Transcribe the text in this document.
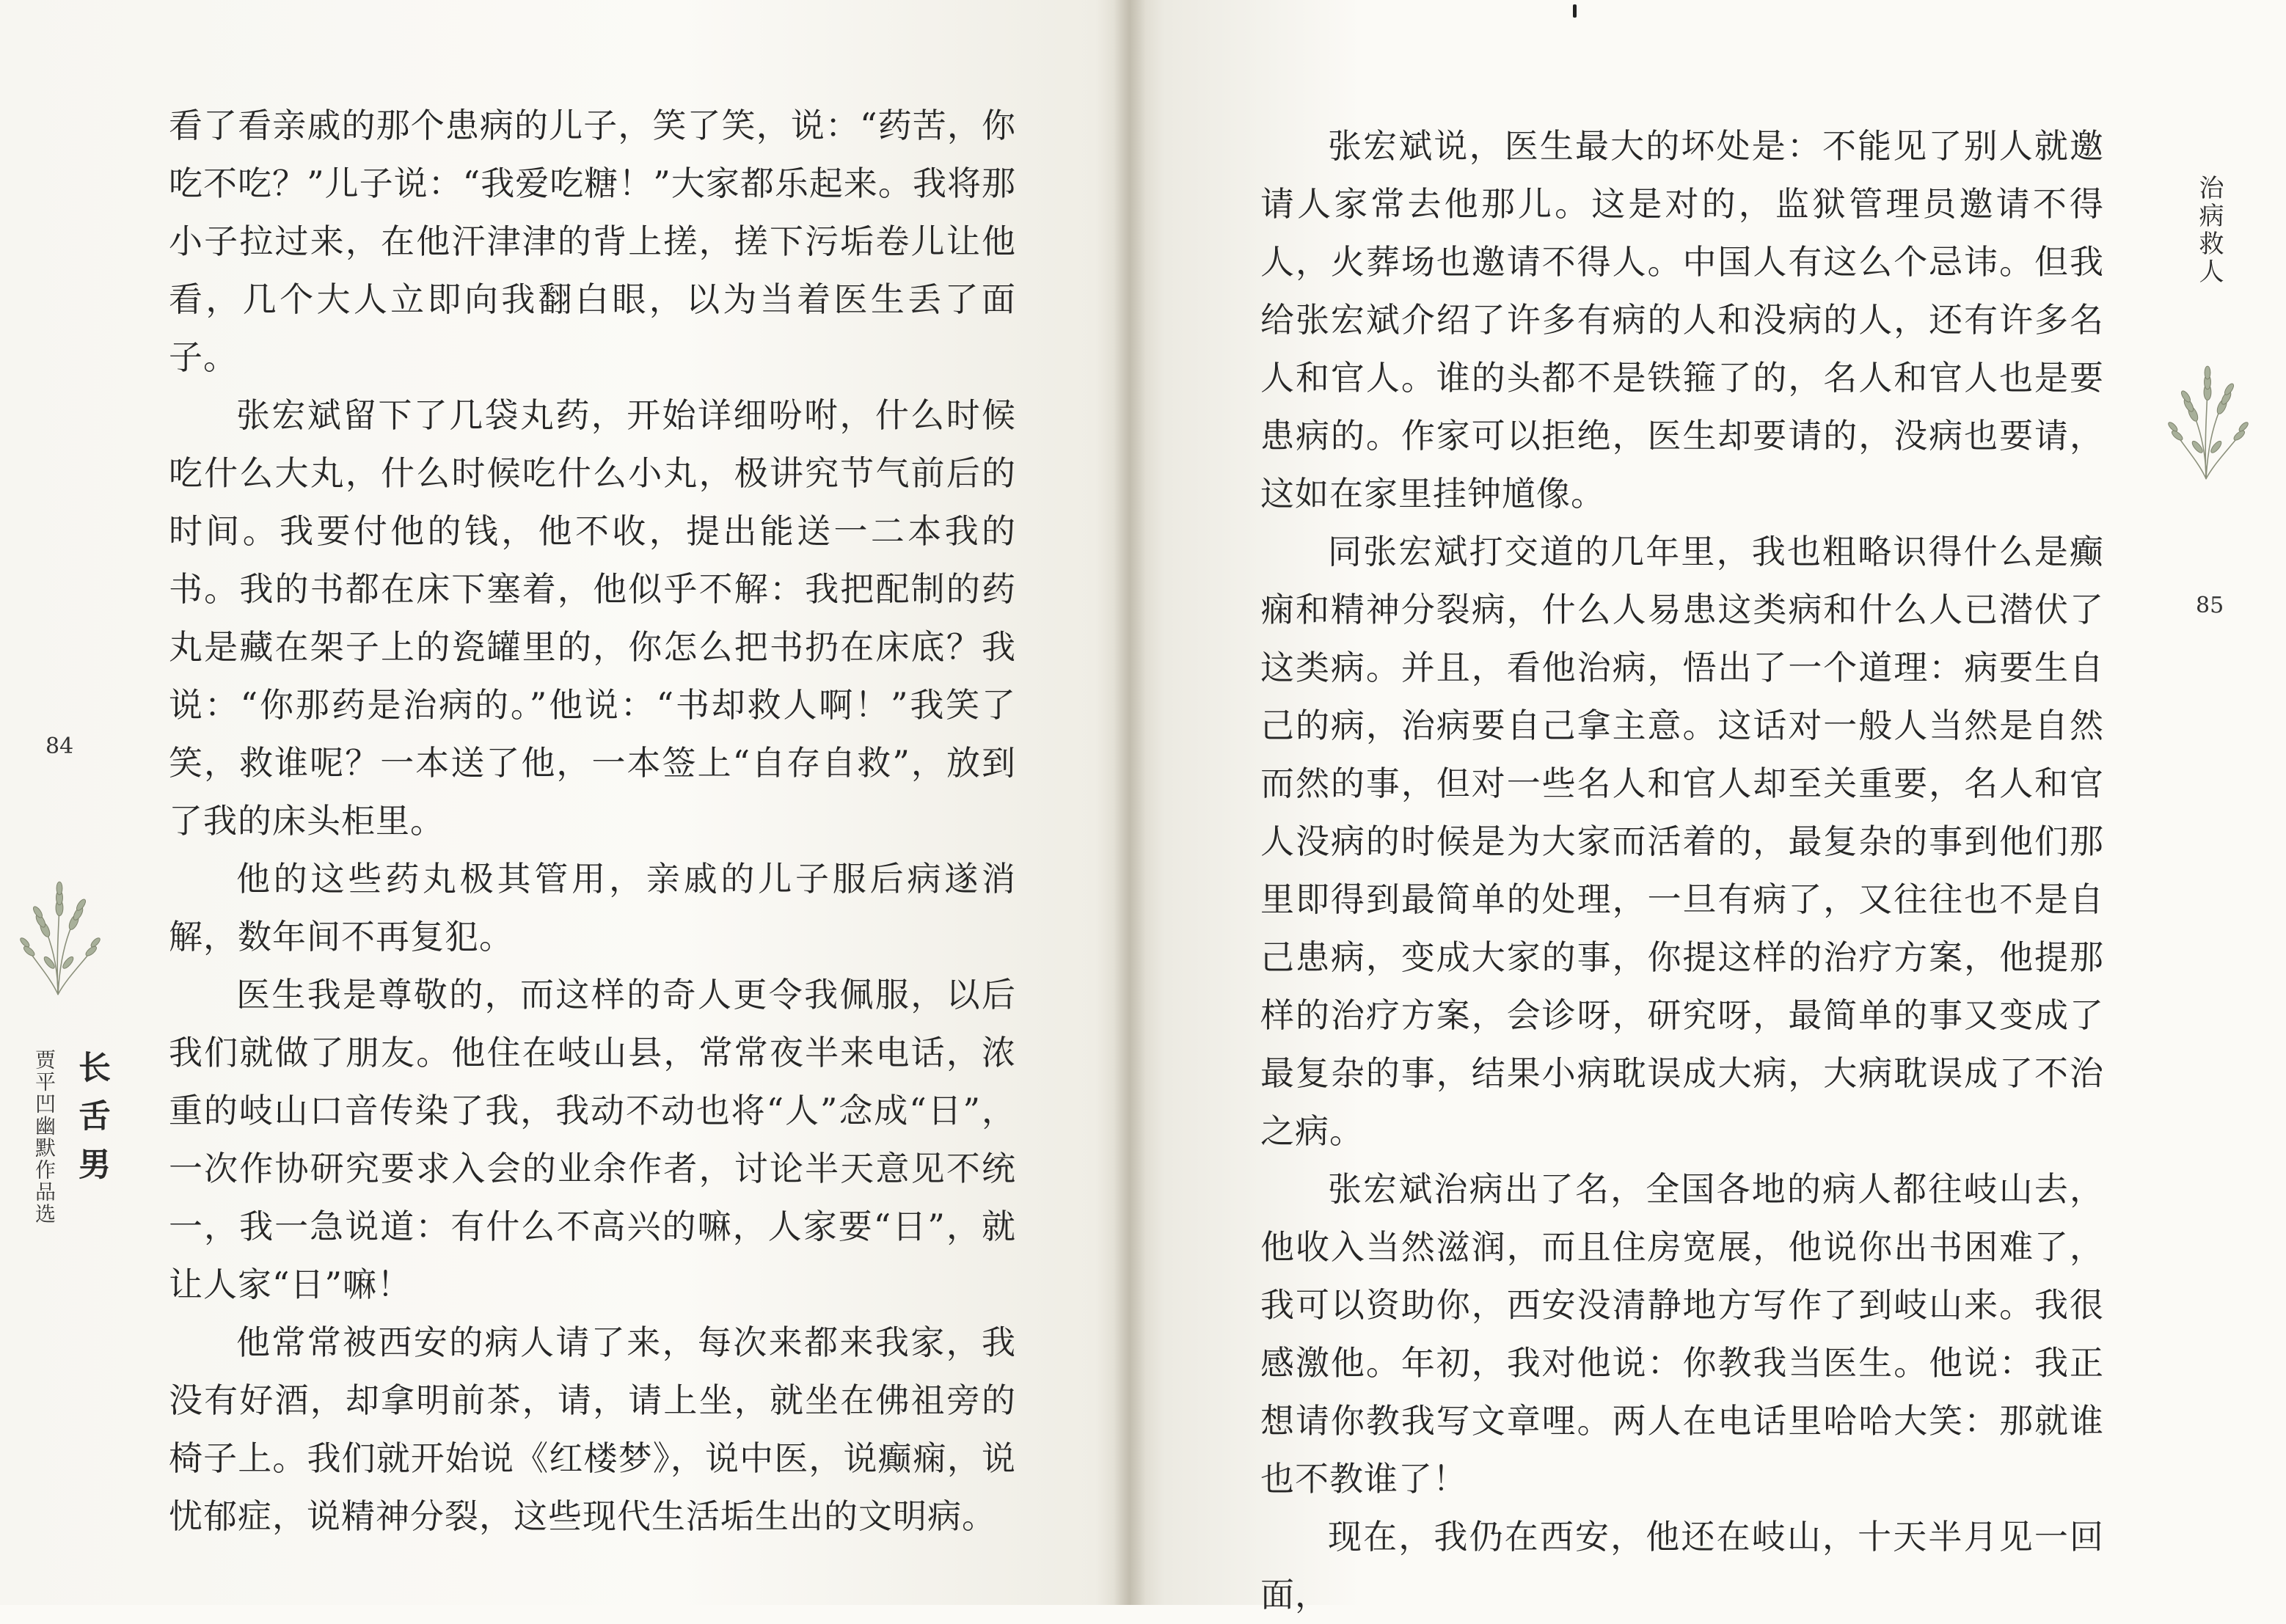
看了看亲戚的那个患病的儿子，笑了笑，说：“药苦，你吃不吃？”儿子说：“我爱吃糖！”大家都乐起来。我将那小子拉过来，在他汗津津的背上搓，搓下污垢卷儿让他看，几个大人立即向我翻白眼，以为当着医生丢了面子。

张宏斌留下了几袋丸药，开始详细吩咐，什么时候吃什么大丸，什么时候吃什么小丸，极讲究节气前后的时间。我要付他的钱，他不收，提出能送一二本我的书。我的书都在床下塞着，他似乎不解：我把配制的药丸是藏在架子上的瓷罐里的，你怎么把书扔在床底？我说：“你那药是治病的。”他说：“书却救人啊！”我笑了笑，救谁呢？一本送了他，一本签上“自存自救”，放到了我的床头柜里。

他的这些药丸极其管用，亲戚的儿子服后病遂消解，数年间不再复犯。

医生我是尊敬的，而这样的奇人更令我佩服，以后我们就做了朋友。他住在岐山县，常常夜半来电话，浓重的岐山口音传染了我，我动不动也将“人”念成“日”，一次作协研究要求入会的业余作者，讨论半天意见不统一，我一急说道：有什么不高兴的嘛，人家要“日”，就让人家“日”嘛！

他常常被西安的病人请了来，每次来都来我家，我没有好酒，却拿明前茶，请，请上坐，就坐在佛祖旁的椅子上。我们就开始说《红楼梦》，说中医，说癫痫，说忧郁症，说精神分裂，这些现代生活垢生出的文明病。

84
长舌男
贾平凹幽默作品选

张宏斌说，医生最大的坏处是：不能见了别人就邀请人家常去他那儿。这是对的，监狱管理员邀请不得人，火葬场也邀请不得人。中国人有这么个忌讳。但我给张宏斌介绍了许多有病的人和没病的人，还有许多名人和官人。谁的头都不是铁箍了的，名人和官人也是要患病的。作家可以拒绝，医生却要请的，没病也要请，这如在家里挂钟馗像。

同张宏斌打交道的几年里，我也粗略识得什么是癫痫和精神分裂病，什么人易患这类病和什么人已潜伏了这类病。并且，看他治病，悟出了一个道理：病要生自己的病，治病要自己拿主意。这话对一般人当然是自然而然的事，但对一些名人和官人却至关重要，名人和官人没病的时候是为大家而活着的，最复杂的事到他们那里即得到最简单的处理，一旦有病了，又往往也不是自己患病，变成大家的事，你提这样的治疗方案，他提那样的治疗方案，会诊呀，研究呀，最简单的事又变成了最复杂的事，结果小病耽误成大病，大病耽误成了不治之病。

张宏斌治病出了名，全国各地的病人都往岐山去，他收入当然滋润，而且住房宽展，他说你出书困难了，我可以资助你，西安没清静地方写作了到岐山来。我很感激他。年初，我对他说：你教我当医生。他说：我正想请你教我写文章哩。两人在电话里哈哈大笑：那就谁也不教谁了！

现在，我仍在西安，他还在岐山，十天半月见一回面，

治病救人
85
